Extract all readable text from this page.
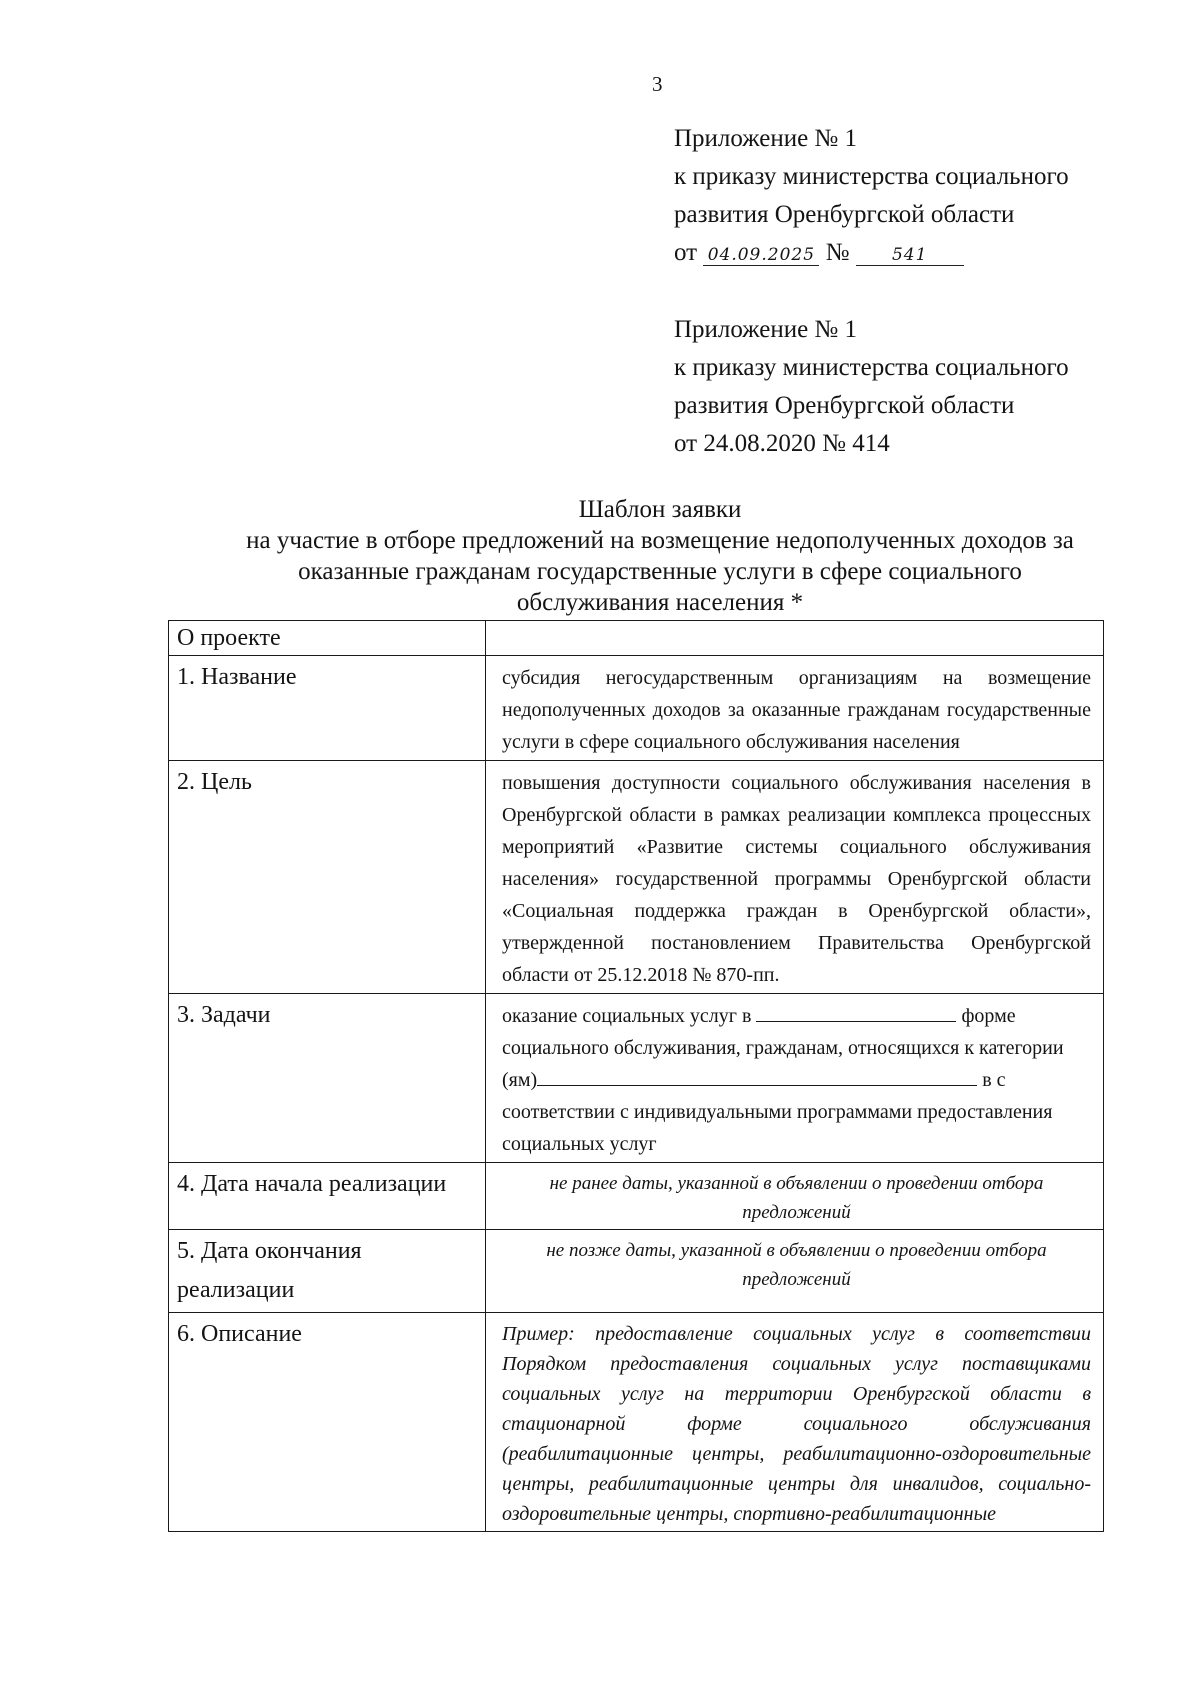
3
Приложение № 1
к приказу министерства социального
развития Оренбургской области
от 04.09.2025 №	541
Приложение № 1
к приказу министерства социального
развития Оренбургской области
от 24.08.2020 № 414
Шаблон заявки
на участие в отборе предложений на возмещение недополученных доходов за
оказанные гражданам государственные услуги в сфере социального
обслуживания населения *
О проекте	
1. Название	субсидия негосударственным организациям на возмещение недополученных доходов за оказанные гражданам государственные услуги в сфере социального обслуживания населения
2. Цель	повышения доступности социального обслуживания населения в Оренбургской области в рамках реализации комплекса процессных мероприятий «Развитие системы социального обслуживания населения» государственной программы Оренбургской области «Социальная поддержка граждан в Оренбургской области», утвержденной постановлением Правительства Оренбургской области от 25.12.2018 № 870-пп.
3. Задачи	оказание социальных услуг в форме социального обслуживания, гражданам, относящихся к категории (ям) в с соответствии с индивидуальными программами предоставления социальных услуг
4. Дата начала реализации	не ранее даты, указанной в объявлении о проведении отбора предложений
5. Дата окончания реализации	не позже даты, указанной в объявлении о проведении отбора предложений
6. Описание	Пример: предоставление социальных услуг в соответствии Порядком предоставления социальных услуг поставщиками социальных услуг на территории Оренбургской области в стационарной форме социального обслуживания (реабилитационные центры, реабилитационно-оздоровительные центры, реабилитационные центры для инвалидов, социально-оздоровительные центры, спортивно-реабилитационные
